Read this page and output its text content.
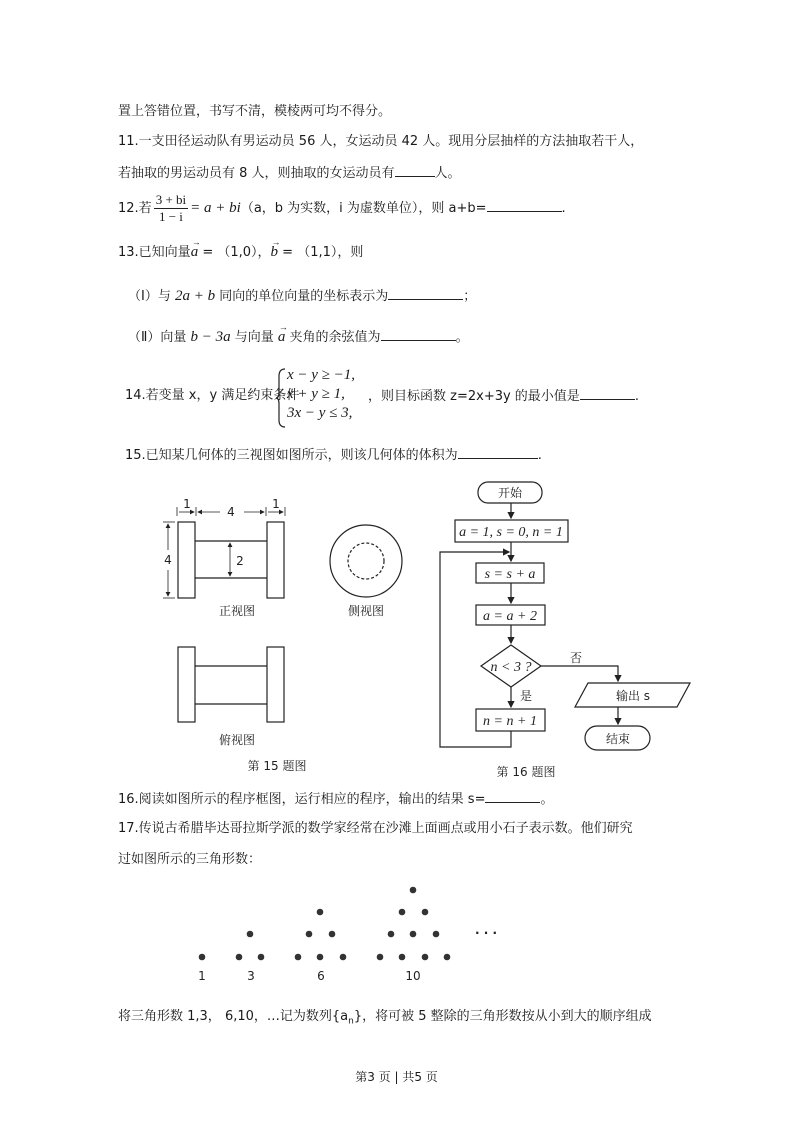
置上答错位置，书写不清，模棱两可均不得分。
11.一支田径运动队有男运动员 56 人，女运动员 42 人。现用分层抽样的方法抽取若干人，
若抽取的男运动员有 8 人，则抽取的女运动员有	人。
12.若 $\frac{3 + bi}{1 - i} = a + bi(a$，b 为实数，i 为虚数单位），则 a+b=	.
13.已知向量→ a = （1,0），→ b = （1,1），则
（Ⅰ）与 2a + b 同向的单位向量的坐标表示为	；
（Ⅱ）向量 b − 3a 与向量 → a 夹角的余弦值为	。
14.若变量 x，y 满足约束条件
x − y ≥ −1,
x + y ≥ 1,
3x − y ≤ 3,
，则目标函数 z=2x+3y 的最小值是	.
15.已知某几何体的三视图如图所示，则该几何体的体积为	.
1
4
1
4	2
正视图	侧视图
俯视图
第 15 题图
开始
a = 1, s = 0, n = 1
s = s + a
a = a + 2
n < 3 ?
是
否
n = n + 1
输出 s
结束
第 16 题图
· · ·
1	3	6	10
16.阅读如图所示的程序框图，运行相应的程序，输出的结果 s=	。
17.传说古希腊毕达哥拉斯学派的数学家经常在沙滩上面画点或用小石子表示数。他们研究
过如图所示的三角形数：
将三角形数 1,3， 6,10，…记为数列$\{a_n\}$，将可被 5 整除的三角形数按从小到大的顺序组成
第3 页 | 共5 页
